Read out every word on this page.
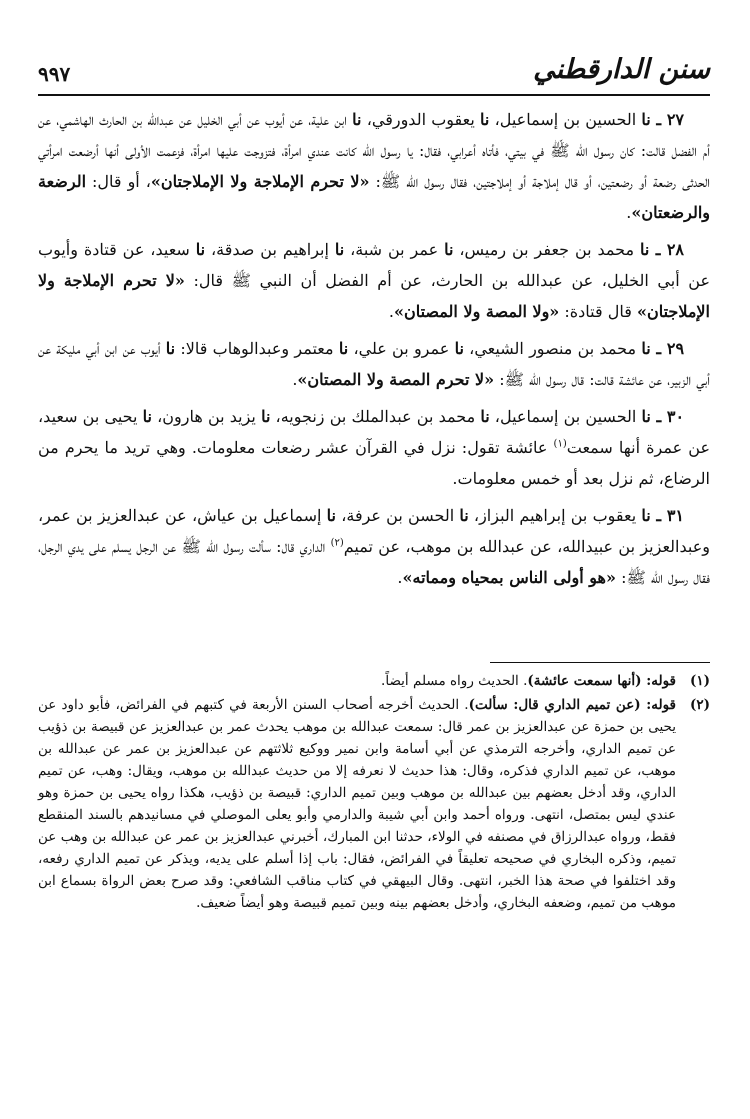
سنن الدارقطني
٩٩٧

٢٧ ـ نا الحسين بن إسماعيل، نا يعقوب الدورقي، نا ابن علية، عن أيوب عن أبي الخليل عن عبدالله بن الحارث الهاشمي، عن أم الفضل قالت: كان رسول الله ﷺ في بيتي، فأتاه أعرابي، فقال: يا رسول الله كانت عندي امرأة، فتزوجت عليها امرأة، فزعمت الأولى أنها أرضعت امرأتي الحدثى رضعة أو رضعتين، أو قال إملاجة أو إملاجتين، فقال رسول الله ﷺ: «لا تحرم الإملاجة ولا الإملاجتان»، أو قال: الرضعة والرضعتان».

٢٨ ـ نا محمد بن جعفر بن رميس، نا عمر بن شبة، نا إبراهيم بن صدقة، نا سعيد، عن قتادة وأيوب عن أبي الخليل، عن عبدالله بن الحارث، عن أم الفضل أن النبي ﷺ قال: «لا تحرم الإملاجة ولا الإملاجتان» قال قتادة: «ولا المصة ولا المصتان».

٢٩ ـ نا محمد بن منصور الشيعي، نا عمرو بن علي، نا معتمر وعبدالوهاب قالا: نا أيوب عن ابن أبي مليكة عن أبي الزبير، عن عائشة قالت: قال رسول الله ﷺ: «لا تحرم المصة ولا المصتان».

٣٠ ـ نا الحسين بن إسماعيل، نا محمد بن عبدالملك بن زنجويه، نا يزيد بن هارون، نا يحيى بن سعيد، عن عمرة أنها سمعت$^{(١)}$ عائشة تقول: نزل في القرآن عشر رضعات معلومات. وهي تريد ما يحرم من الرضاع، ثم نزل بعد أو خمس معلومات.

٣١ ـ نا يعقوب بن إبراهيم البزاز، نا الحسن بن عرفة، نا إسماعيل بن عياش، عن عبدالعزيز بن عمر، وعبدالعزيز بن عبيدالله، عن عبدالله بن موهب، عن تميم$^{(٢)}$ الداري قال: سألت رسول الله ﷺ عن الرجل يسلم على يدي الرجل، فقال رسول الله ﷺ: «هو أولى الناس بمحياه ومماته».

(١)
قوله: (أنها سمعت عائشة). الحديث رواه مسلم أيضاً.
(٢)
قوله: (عن تميم الداري قال: سألت). الحديث أخرجه أصحاب السنن الأربعة في كتبهم في الفرائض، فأبو داود عن يحيى بن حمزة عن عبدالعزيز بن عمر قال: سمعت عبدالله بن موهب يحدث عمر بن عبدالعزيز عن قبيصة بن ذؤيب عن تميم الداري، وأخرجه الترمذي عن أبي أسامة وابن نمير ووكيع ثلاثتهم عن عبدالعزيز بن عمر عن عبدالله بن موهب، عن تميم الداري فذكره، وقال: هذا حديث لا نعرفه إلا من حديث عبدالله بن موهب، ويقال: وهب، عن تميم الداري، وقد أدخل بعضهم بين عبدالله بن موهب وبين تميم الداري: قبيصة بن ذؤيب، هكذا رواه يحيى بن حمزة وهو عندي ليس بمتصل، انتهى. ورواه أحمد وابن أبي شيبة والدارمي وأبو يعلى الموصلي في مسانيدهم بالسند المنقطع فقط، ورواه عبدالرزاق في مصنفه في الولاء، حدثنا ابن المبارك، أخبرني عبدالعزيز بن عمر عن عبدالله بن وهب عن تميم، وذكره البخاري في صحيحه تعليقاً في الفرائض، فقال: باب إذا أسلم على يديه، ويذكر عن تميم الداري رفعه، وقد اختلفوا في صحة هذا الخبر، انتهى. وقال البيهقي في كتاب مناقب الشافعي: وقد صرح بعض الرواة بسماع ابن موهب من تميم، وضعفه البخاري، وأدخل بعضهم بينه وبين تميم قبيصة وهو أيضاً ضعيف.
